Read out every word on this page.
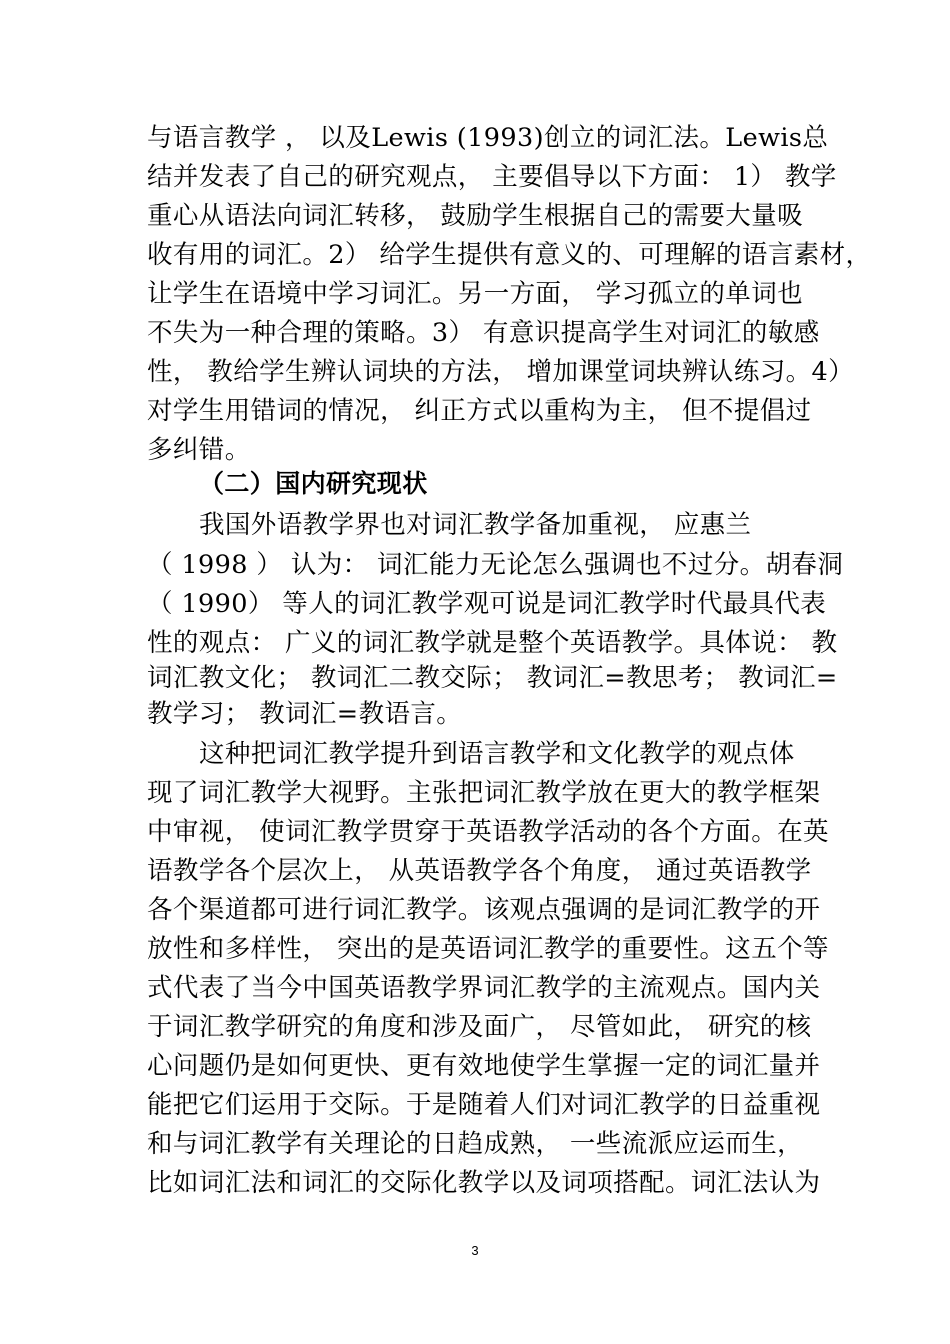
与语言教学 ， 以及Lewis (1993)创立的词汇法。Lewis总
结并发表了自己的研究观点， 主要倡导以下方面： 1） 教学
重心从语法向词汇转移， 鼓励学生根据自己的需要大量吸
收有用的词汇。2） 给学生提供有意义的、可理解的语言素材，
让学生在语境中学习词汇。另一方面， 学习孤立的单词也
不失为一种合理的策略。3） 有意识提高学生对词汇的敏感
性， 教给学生辨认词块的方法， 增加课堂词块辨认练习。4）
对学生用错词的情况， 纠正方式以重构为主， 但不提倡过
多纠错。
（二）国内研究现状
我国外语教学界也对词汇教学备加重视， 应惠兰
（ 1998 ） 认为： 词汇能力无论怎么强调也不过分。胡春洞
（ 1990） 等人的词汇教学观可说是词汇教学时代最具代表
性的观点： 广义的词汇教学就是整个英语教学。具体说： 教
词汇教文化； 教词汇二教交际； 教词汇=教思考； 教词汇=
教学习； 教词汇=教语言。
这种把词汇教学提升到语言教学和文化教学的观点体
现了词汇教学大视野。主张把词汇教学放在更大的教学框架
中审视， 使词汇教学贯穿于英语教学活动的各个方面。在英
语教学各个层次上， 从英语教学各个角度， 通过英语教学
各个渠道都可进行词汇教学。该观点强调的是词汇教学的开
放性和多样性， 突出的是英语词汇教学的重要性。这五个等
式代表了当今中国英语教学界词汇教学的主流观点。国内关
于词汇教学研究的角度和涉及面广， 尽管如此， 研究的核
心问题仍是如何更快、更有效地使学生掌握一定的词汇量并
能把它们运用于交际。于是随着人们对词汇教学的日益重视
和与词汇教学有关理论的日趋成熟， 一些流派应运而生，
比如词汇法和词汇的交际化教学以及词项搭配。词汇法认为
3
